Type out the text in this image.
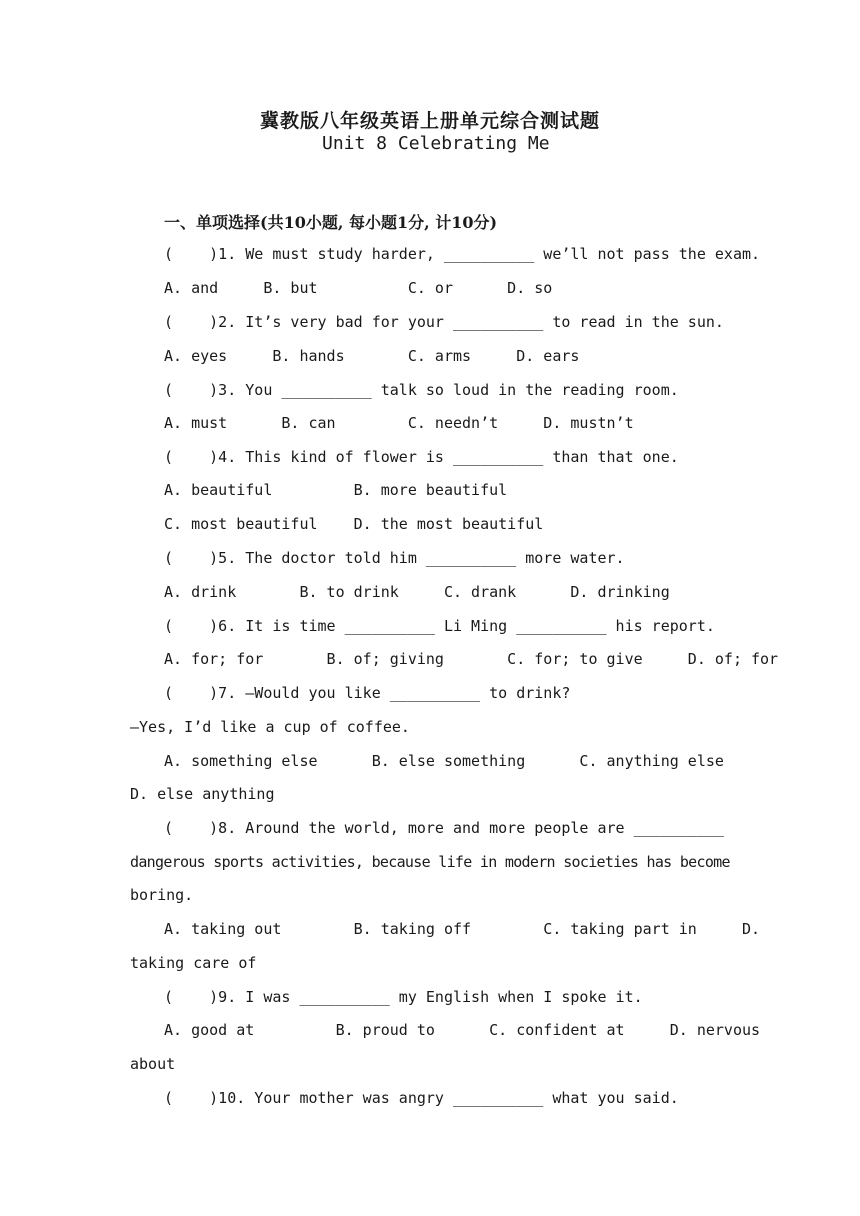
冀教版八年级英语上册单元综合测试题
Unit 8 Celebrating Me
一、单项选择(共10小题, 每小题1分, 计10分)
(    )1. We must study harder, __________ we’ll not pass the exam.
A. and     B. but          C. or      D. so
(    )2. It’s very bad for your __________ to read in the sun.
A. eyes     B. hands       C. arms     D. ears
(    )3. You __________ talk so loud in the reading room.
A. must      B. can        C. needn’t     D. mustn’t
(    )4. This kind of flower is __________ than that one.
A. beautiful         B. more beautiful
C. most beautiful    D. the most beautiful
(    )5. The doctor told him __________ more water.
A. drink       B. to drink     C. drank      D. drinking
(    )6. It is time __________ Li Ming __________ his report.
A. for; for       B. of; giving       C. for; to give     D. of; for
(    )7. —Would you like __________ to drink?
—Yes, I’d like a cup of coffee.
A. something else      B. else something      C. anything else
D. else anything
(    )8. Around the world, more and more people are __________
dangerous sports activities, because life in modern societies has become
boring.
A. taking out        B. taking off        C. taking part in     D.
taking care of
(    )9. I was __________ my English when I spoke it.
A. good at         B. proud to      C. confident at     D. nervous
about
(    )10. Your mother was angry __________ what you said.
